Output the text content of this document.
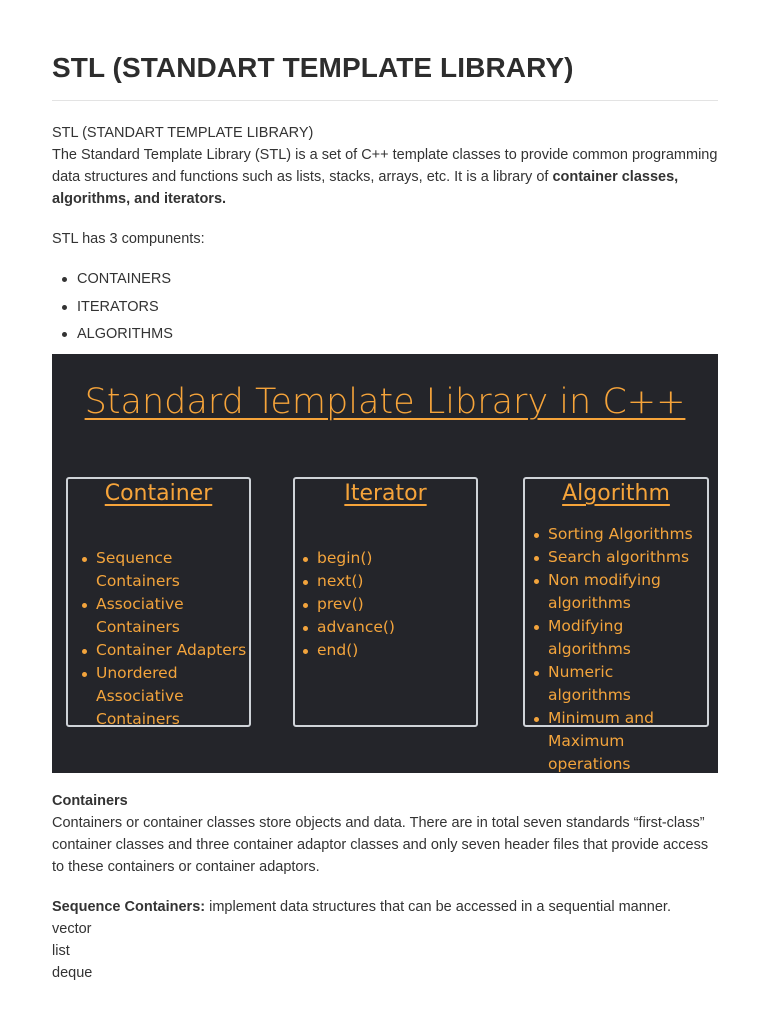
STL (STANDART TEMPLATE LIBRARY)

STL (STANDART TEMPLATE LIBRARY)

The Standard Template Library (STL) is a set of C++ template classes to provide common programming data structures and functions such as lists, stacks, arrays, etc. It is a library of container classes, algorithms, and iterators.

STL has 3 compunents:

CONTAINERS
ITERATORS
ALGORITHMS
Standard Template Library in C++
Container
Sequence Containers
Associative Containers
Container Adapters
Unordered Associative Containers
Iterator
begin()
next()
prev()
advance()
end()
Algorithm
Sorting Algorithms
Search algorithms
Non modifying algorithms
Modifying algorithms
Numeric algorithms
Minimum and Maximum operations

Containers

Containers or container classes store objects and data. There are in total seven standards “first-class” container classes and three container adaptor classes and only seven header files that provide access to these containers or container adaptors.

Sequence Containers: implement data structures that can be accessed in a sequential manner.

vector
list
deque
